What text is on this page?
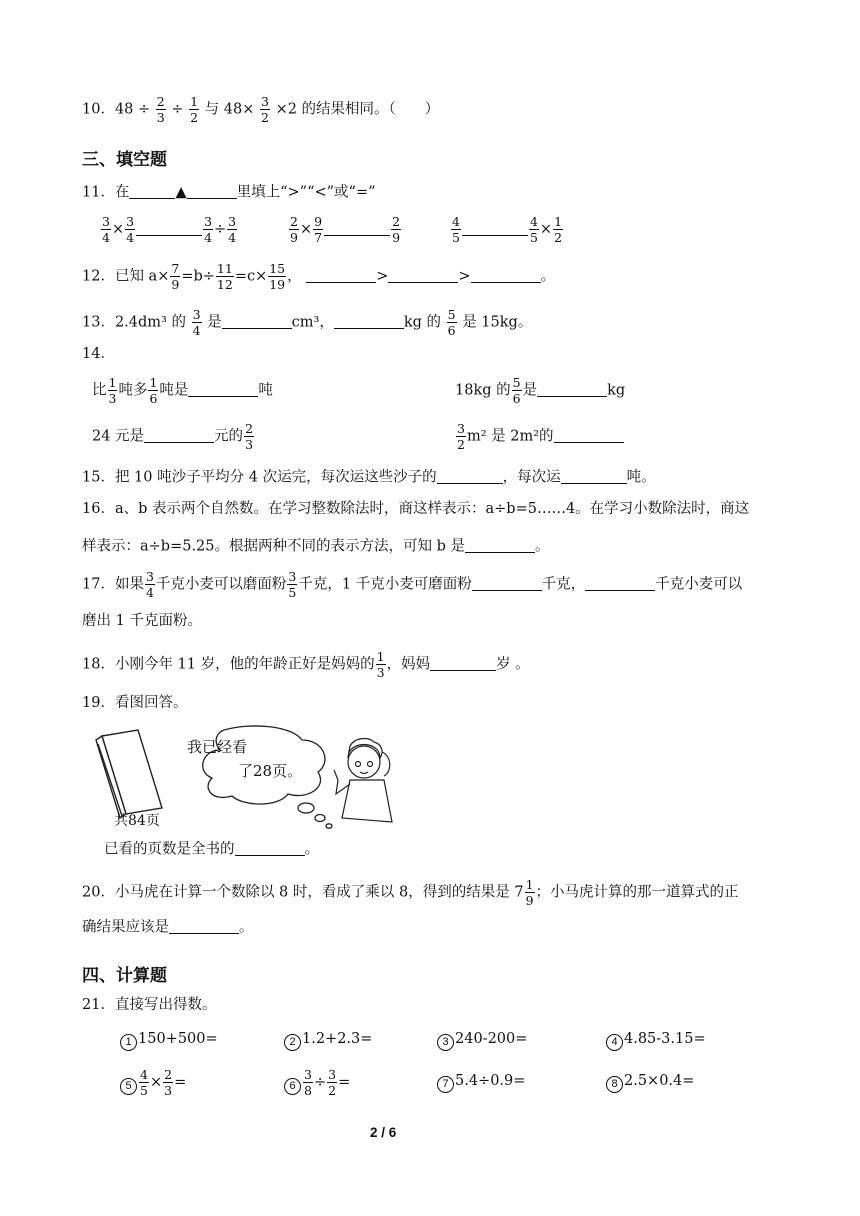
10．$48 \div \frac{2}{3} \div \frac{1}{2}$ 与 $48\times \frac{3}{2} \times 2$ 的结果相同。（　　）
三、填空题
11．在	▲	里填上“>”“<”或“=”
$\frac{3}{4} \times \frac{3}{4}$	$\frac{3}{4} \div \frac{3}{4}$	$\frac{2}{9} \times \frac{9}{7}$	$\frac{2}{9}$	$\frac{4}{5}$	$\frac{4}{5} \times \frac{1}{2}$
12．已知 $a\times \frac{7}{9} =b\div \frac{11}{12} =c\times \frac{15}{19}$ ，	>	>	。
13．2.4dm³ 的 $\frac{3}{4}$ 是	cm³，	kg 的 $\frac{5}{6}$ 是 15kg。
14．
比 $\frac{1}{3}$ 吨多 $\frac{1}{6}$ 吨是	吨	18kg 的 $\frac{5}{6}$ 是	kg
24 元是	元的 $\frac{2}{3}$	$\frac{3}{2} m^2$ 是 2m²的
15．把 10 吨沙子平均分 4 次运完，每次运这些沙子的	，每次运	吨。
16．a、b 表示两个自然数。在学习整数除法时，商这样表示：a÷b=5……4。在学习小数除法时，商这
样表示：a÷b=5.25。根据两种不同的表示方法，可知 b 是	。
17．如果 $\frac{3}{4}$ 千克小麦可以磨面粉 $\frac{3}{5}$ 千克，1 千克小麦可磨面粉	千克，	千克小麦可以
磨出 1 千克面粉。
18．小刚今年 11 岁，他的年龄正好是妈妈的 $\frac{1}{3}$ ，妈妈	岁 。
19．看图回答。
我已经看
了28页。
共84页
已看的页数是全书的	。
20．小马虎在计算一个数除以 8 时，看成了乘以 8，得到的结果是 $7 \frac{1}{9}$ ；小马虎计算的那一道算式的正
确结果应该是	。
四、计算题
21．直接写出得数。
1 150+500=	2 1.2+2.3=	3 240-200=	4 4.85-3.15=
$5 \frac{4}{5} \times \frac{2}{3}$ =	$6 \frac{3}{8} \div \frac{3}{2}$ =	7 5.4÷0.9=	8 2.5×0.4=
2 / 6
